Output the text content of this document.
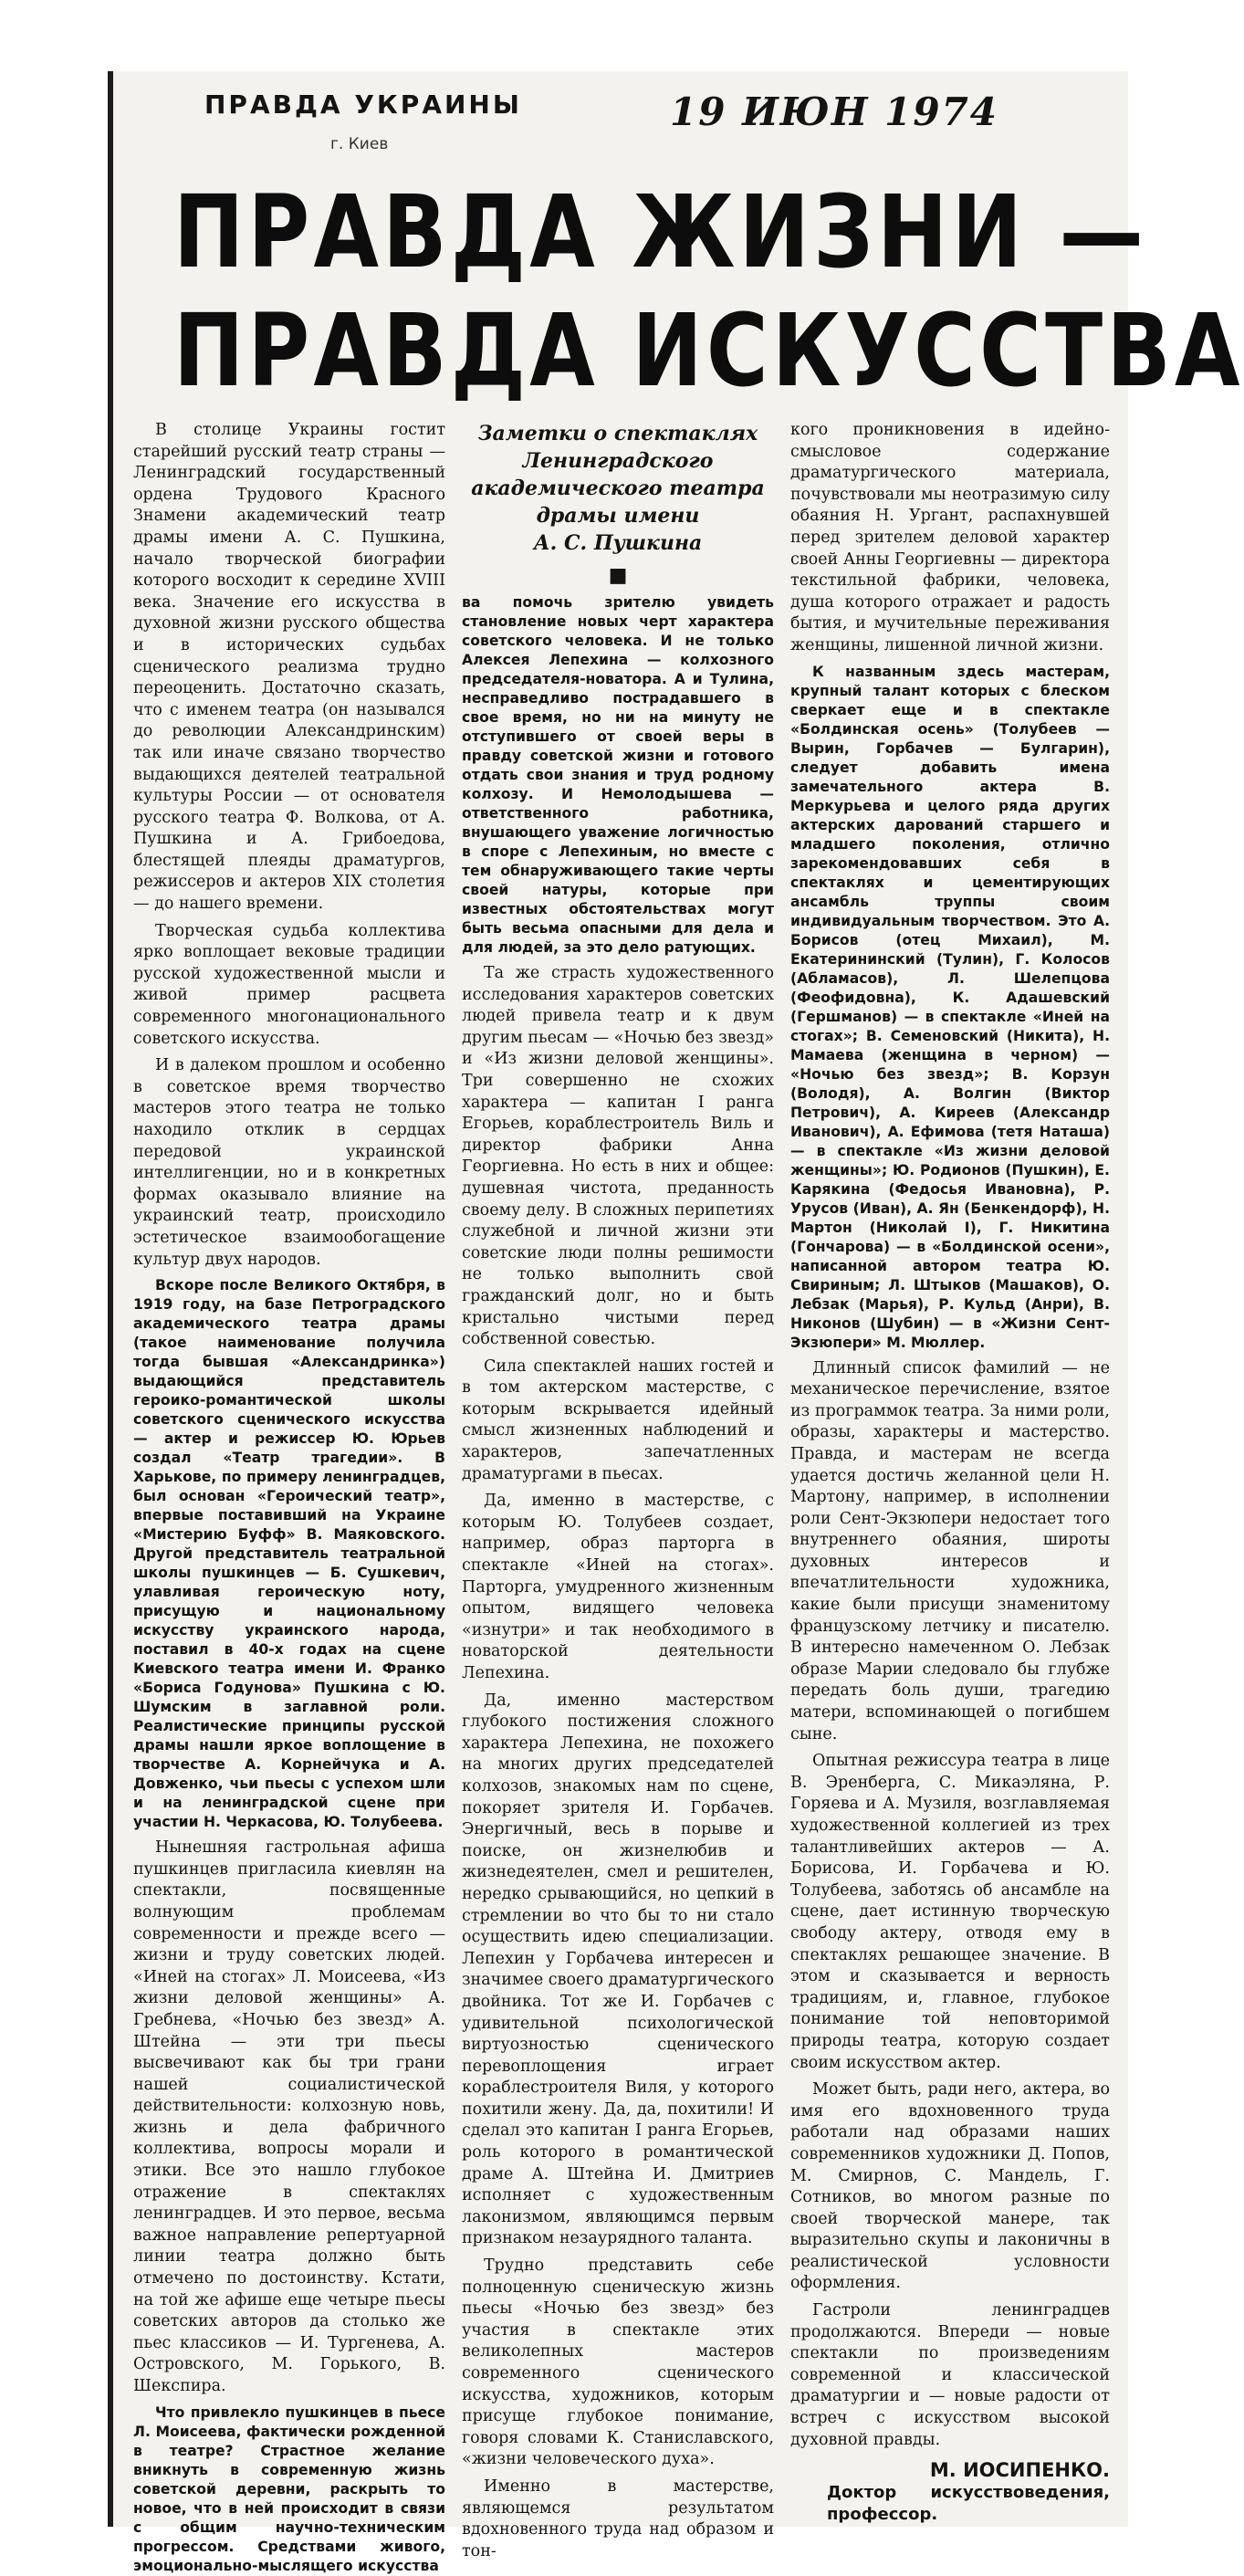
ПРАВДА УКРАИНЫ
г. Киев
19 ИЮН 1974
ПРАВДА ЖИЗНИ —
ПРАВДА ИСКУССТВА

В столице Украины гостит старейший русский театр страны — Ленинградский государственный ордена Трудового Красного Знамени академический театр драмы имени А. С. Пушкина, начало творческой биографии которого восходит к середине XVIII века. Значение его искусства в духовной жизни русского общества и в исторических судьбах сценического реализма трудно переоценить. Достаточно сказать, что с именем театра (он назывался до революции Александринским) так или иначе связано творчество выдающихся деятелей театральной культуры России — от основателя русского театра Ф. Волкова, от А. Пушкина и А. Грибоедова, блестящей плеяды драматургов, режиссеров и актеров XIX столетия — до нашего времени.

Творческая судьба коллектива ярко воплощает вековые традиции русской художественной мысли и живой пример расцвета современного многонационального советского искусства.

И в далеком прошлом и особенно в советское время творчество мастеров этого театра не только находило отклик в сердцах передовой украинской интеллигенции, но и в конкретных формах оказывало влияние на украинский театр, происходило эстетическое взаимообогащение культур двух народов.

Вскоре после Великого Октября, в 1919 году, на базе Петроградского академического театра драмы (такое наименование получила тогда бывшая «Александринка») выдающийся представитель героико-романтической школы советского сценического искусства — актер и режиссер Ю. Юрьев создал «Театр трагедии». В Харькове, по примеру ленинградцев, был основан «Героический театр», впервые поставивший на Украине «Мистерию Буфф» В. Маяковского. Другой представитель театральной школы пушкинцев — Б. Сушкевич, улавливая героическую ноту, присущую и национальному искусству украинского народа, поставил в 40-х годах на сцене Киевского театра имени И. Франко «Бориса Годунова» Пушкина с Ю. Шумским в заглавной роли. Реалистические принципы русской драмы нашли яркое воплощение в творчестве А. Корнейчука и А. Довженко, чьи пьесы с успехом шли и на ленинградской сцене при участии Н. Черкасова, Ю. Толубеева.

Нынешняя гастрольная афиша пушкинцев пригласила киевлян на спектакли, посвященные волнующим проблемам современности и прежде всего — жизни и труду советских людей. «Иней на стогах» Л. Моисеева, «Из жизни деловой женщины» А. Гребнева, «Ночью без звезд» А. Штейна — эти три пьесы высвечивают как бы три грани нашей социалистической действительности: колхозную новь, жизнь и дела фабричного коллектива, вопросы морали и этики. Все это нашло глубокое отражение в спектаклях ленинградцев. И это первое, весьма важное направление репертуарной линии театра должно быть отмечено по достоинству. Кстати, на той же афише еще четыре пьесы советских авторов да столько же пьес классиков — И. Тургенева, А. Островского, М. Горького, В. Шекспира.

Что привлекло пушкинцев в пьесе Л. Моисеева, фактически рожденной в театре? Страстное желание вникнуть в современную жизнь советской деревни, раскрыть то новое, что в ней происходит в связи с общим научно-техническим прогрессом. Средствами живого, эмоционально-мыслящего искусства

Заметки о спектаклях
Ленинградского
академического театра
драмы имени
А. С. Пушкина
■

ва помочь зрителю увидеть становление новых черт характера советского человека. И не только Алексея Лепехина — колхозного председателя-новатора. А и Тулина, несправедливо пострадавшего в свое время, но ни на минуту не отступившего от своей веры в правду советской жизни и готового отдать свои знания и труд родному колхозу. И Немолодышева — ответственного работника, внушающего уважение логичностью в споре с Лепехиным, но вместе с тем обнаруживающего такие черты своей натуры, которые при известных обстоятельствах могут быть весьма опасными для дела и для людей, за это дело ратующих.

Та же страсть художественного исследования характеров советских людей привела театр и к двум другим пьесам — «Ночью без звезд» и «Из жизни деловой женщины». Три совершенно не схожих характера — капитан I ранга Егорьев, кораблестроитель Виль и директор фабрики Анна Георгиевна. Но есть в них и общее: душевная чистота, преданность своему делу. В сложных перипетиях служебной и личной жизни эти советские люди полны решимости не только выполнить свой гражданский долг, но и быть кристально чистыми перед собственной совестью.

Сила спектаклей наших гостей и в том актерском мастерстве, с которым вскрывается идейный смысл жизненных наблюдений и характеров, запечатленных драматургами в пьесах.

Да, именно в мастерстве, с которым Ю. Толубеев создает, например, образ парторга в спектакле «Иней на стогах». Парторга, умудренного жизненным опытом, видящего человека «изнутри» и так необходимого в новаторской деятельности Лепехина.

Да, именно мастерством глубокого постижения сложного характера Лепехина, не похожего на многих других председателей колхозов, знакомых нам по сцене, покоряет зрителя И. Горбачев. Энергичный, весь в порыве и поиске, он жизнелюбив и жизнедеятелен, смел и решителен, нередко срывающийся, но цепкий в стремлении во что бы то ни стало осуществить идею специализации. Лепехин у Горбачева интересен и значимее своего драматургического двойника. Тот же И. Горбачев с удивительной психологической виртуозностью сценического перевоплощения играет кораблестроителя Виля, у которого похитили жену. Да, да, похитили! И сделал это капитан I ранга Егорьев, роль которого в романтической драме А. Штейна И. Дмитриев исполняет с художественным лаконизмом, являющимся первым признаком незаурядного таланта.

Трудно представить себе полноценную сценическую жизнь пьесы «Ночью без звезд» без участия в спектакле этих великолепных мастеров современного сценического искусства, художников, которым присуще глубокое понимание, говоря словами К. Станиславского, «жизни человеческого духа».

Именно в мастерстве, являющемся результатом вдохновенного труда над образом и тон-

кого проникновения в идейно-смысловое содержание драматургического материала, почувствовали мы неотразимую силу обаяния Н. Ургант, распахнувшей перед зрителем деловой характер своей Анны Георгиевны — директора текстильной фабрики, человека, душа которого отражает и радость бытия, и мучительные переживания женщины, лишенной личной жизни.

К названным здесь мастерам, крупный талант которых с блеском сверкает еще и в спектакле «Болдинская осень» (Толубеев — Вырин, Горбачев — Булгарин), следует добавить имена замечательного актера В. Меркурьева и целого ряда других актерских дарований старшего и младшего поколения, отлично зарекомендовавших себя в спектаклях и цементирующих ансамбль труппы своим индивидуальным творчеством. Это А. Борисов (отец Михаил), М. Екатерининский (Тулин), Г. Колосов (Абламасов), Л. Шелепцова (Феофидовна), К. Адашевский (Гершманов) — в спектакле «Иней на стогах»; В. Семеновский (Никита), Н. Мамаева (женщина в черном) — «Ночью без звезд»; В. Корзун (Володя), А. Волгин (Виктор Петрович), А. Киреев (Александр Иванович), А. Ефимова (тетя Наташа) — в спектакле «Из жизни деловой женщины»; Ю. Родионов (Пушкин), Е. Карякина (Федосья Ивановна), Р. Урусов (Иван), А. Ян (Бенкендорф), Н. Мартон (Николай I), Г. Никитина (Гончарова) — в «Болдинской осени», написанной автором театра Ю. Свириным; Л. Штыков (Машаков), О. Лебзак (Марья), Р. Кульд (Анри), В. Никонов (Шубин) — в «Жизни Сент-Экзюпери» М. Мюллер.

Длинный список фамилий — не механическое перечисление, взятое из программок театра. За ними роли, образы, характеры и мастерство. Правда, и мастерам не всегда удается достичь желанной цели Н. Мартону, например, в исполнении роли Сент-Экзюпери недостает того внутреннего обаяния, широты духовных интересов и впечатлительности художника, какие были присущи знаменитому французскому летчику и писателю. В интересно намеченном О. Лебзак образе Марии следовало бы глубже передать боль души, трагедию матери, вспоминающей о погибшем сыне.

Опытная режиссура театра в лице В. Эренберга, С. Микаэляна, Р. Горяева и А. Музиля, возглавляемая художественной коллегией из трех талантливейших актеров — А. Борисова, И. Горбачева и Ю. Толубеева, заботясь об ансамбле на сцене, дает истинную творческую свободу актеру, отводя ему в спектаклях решающее значение. В этом и сказывается и верность традициям, и, главное, глубокое понимание той неповторимой природы театра, которую создает своим искусством актер.

Может быть, ради него, актера, во имя его вдохновенного труда работали над образами наших современников художники Д. Попов, М. Смирнов, С. Мандель, Г. Сотников, во многом разные по своей творческой манере, так выразительно скупы и лаконичны в реалистической условности оформления.

Гастроли ленинградцев продолжаются. Впереди — новые спектакли по произведениям современной и классической драматургии и — новые радости от встреч с искусством высокой духовной правды.

М. ИОСИПЕНКО.
Доктор искусствоведения, профессор.
